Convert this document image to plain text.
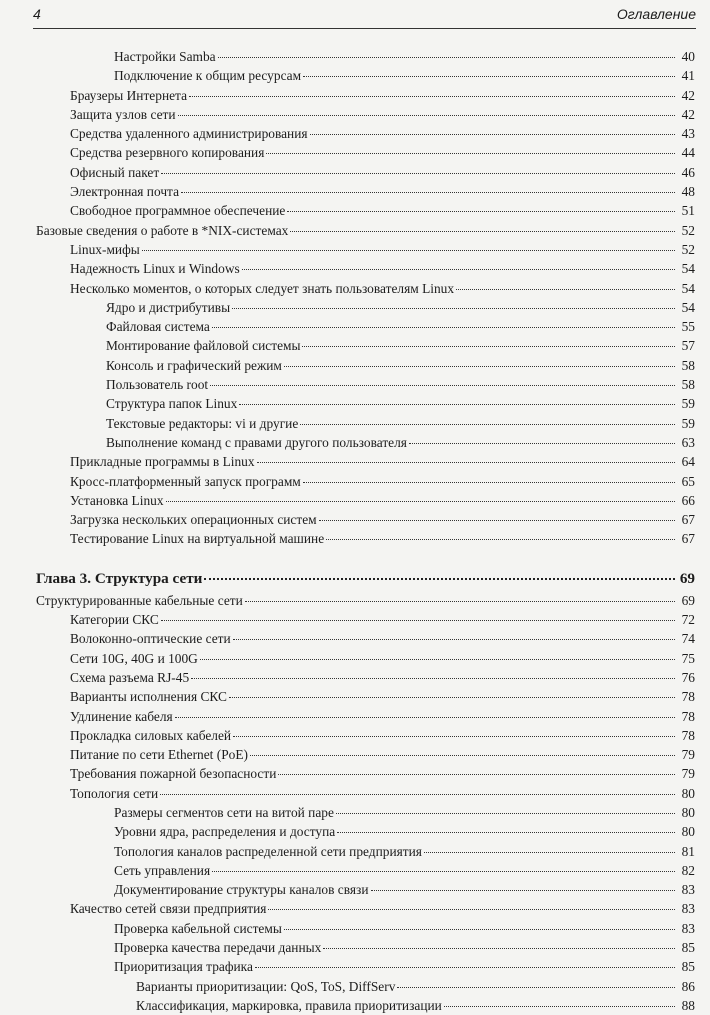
4	Оглавление
Настройки Samba	40
Подключение к общим ресурсам	41
Браузеры Интернета	42
Защита узлов сети	42
Средства удаленного администрирования	43
Средства резервного копирования	44
Офисный пакет	46
Электронная почта	48
Свободное программное обеспечение	51
Базовые сведения о работе в *NIX-системах	52
Linux-мифы	52
Надежность Linux и Windows	54
Несколько моментов, о которых следует знать пользователям Linux	54
Ядро и дистрибутивы	54
Файловая система	55
Монтирование файловой системы	57
Консоль и графический режим	58
Пользователь root	58
Структура папок Linux	59
Текстовые редакторы: vi и другие	59
Выполнение команд с правами другого пользователя	63
Прикладные программы в Linux	64
Кросс-платформенный запуск программ	65
Установка Linux	66
Загрузка нескольких операционных систем	67
Тестирование Linux на виртуальной машине	67
Глава 3. Структура сети	69
Структурированные кабельные сети	69
Категории СКС	72
Волоконно-оптические сети	74
Сети 10G, 40G и 100G	75
Схема разъема RJ-45	76
Варианты исполнения СКС	78
Удлинение кабеля	78
Прокладка силовых кабелей	78
Питание по сети Ethernet (PoE)	79
Требования пожарной безопасности	79
Топология сети	80
Размеры сегментов сети на витой паре	80
Уровни ядра, распределения и доступа	80
Топология каналов распределенной сети предприятия	81
Сеть управления	82
Документирование структуры каналов связи	83
Качество сетей связи предприятия	83
Проверка кабельной системы	83
Проверка качества передачи данных	85
Приоритизация трафика	85
Варианты приоритизации: QoS, ToS, DiffServ	86
Классификация, маркировка, правила приоритизации	88
